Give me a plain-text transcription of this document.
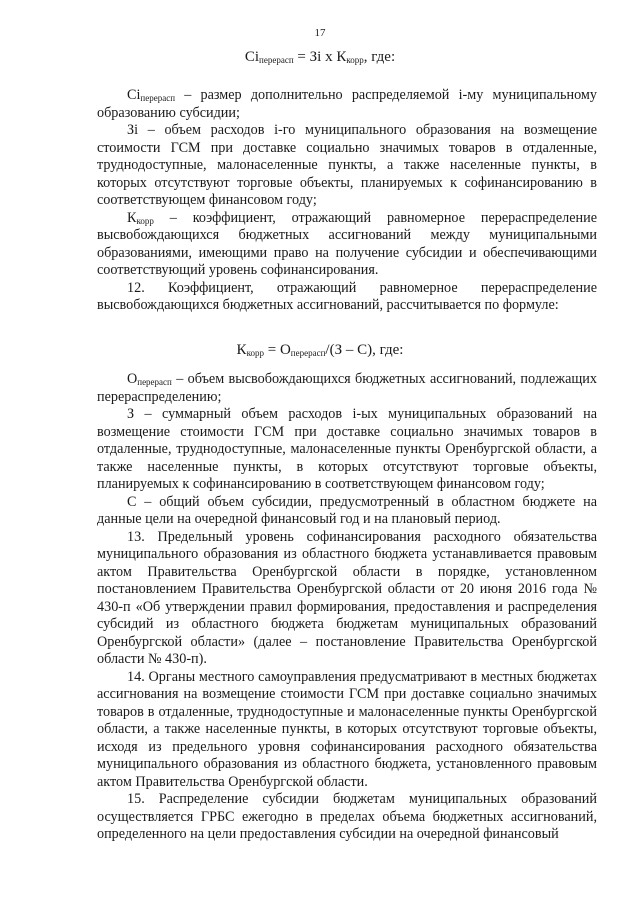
17
$Ci_{перерасп}$ = Зi x $К_{корр}$, где:

$Ci_{перерасп}$ – размер дополнительно распределяемой i-му муниципальному образованию субсидии;

Зi – объем расходов i-го муниципального образования на возмещение стоимости ГСМ при доставке социально значимых товаров в отдаленные, труднодоступные, малонаселенные пункты, а также населенные пункты, в которых отсутствуют торговые объекты, планируемых к софинансированию в соответствующем финансовом году;

$К_{корр}$ – коэффициент, отражающий равномерное перераспределение высвобождающихся бюджетных ассигнований между муниципальными образованиями, имеющими право на получение субсидии и обеспечивающими соответствующий уровень софинансирования.

12. Коэффициент, отражающий равномерное перераспределение высвобождающихся бюджетных ассигнований, рассчитывается по формуле:

$К_{корр} = О_{перерасп}/(З - С)$, где:

$О_{перерасп}$ – объем высвобождающихся бюджетных ассигнований, подлежащих перераспределению;

З – суммарный объем расходов i-ых муниципальных образований на возмещение стоимости ГСМ при доставке социально значимых товаров в отдаленные, труднодоступные, малонаселенные пункты Оренбургской области, а также населенные пункты, в которых отсутствуют торговые объекты, планируемых к софинансированию в соответствующем финансовом году;

С – общий объем субсидии, предусмотренный в областном бюджете на данные цели на очередной финансовый год и на плановый период.

13. Предельный уровень софинансирования расходного обязательства муниципального образования из областного бюджета устанавливается правовым актом Правительства Оренбургской области в порядке, установленном постановлением Правительства Оренбургской области от 20 июня 2016 года № 430-п «Об утверждении правил формирования, предоставления и распределения субсидий из областного бюджета бюджетам муниципальных образований Оренбургской области» (далее – постановление Правительства Оренбургской области № 430-п).

14. Органы местного самоуправления предусматривают в местных бюджетах ассигнования на возмещение стоимости ГСМ при доставке социально значимых товаров в отдаленные, труднодоступные и малонаселенные пункты Оренбургской области, а также населенные пункты, в которых отсутствуют торговые объекты, исходя из предельного уровня софинансирования расходного обязательства муниципального образования из областного бюджета, установленного правовым актом Правительства Оренбургской области.

15. Распределение субсидии бюджетам муниципальных образований осуществляется ГРБС ежегодно в пределах объема бюджетных ассигнований, определенного на цели предоставления субсидии на очередной финансовый
